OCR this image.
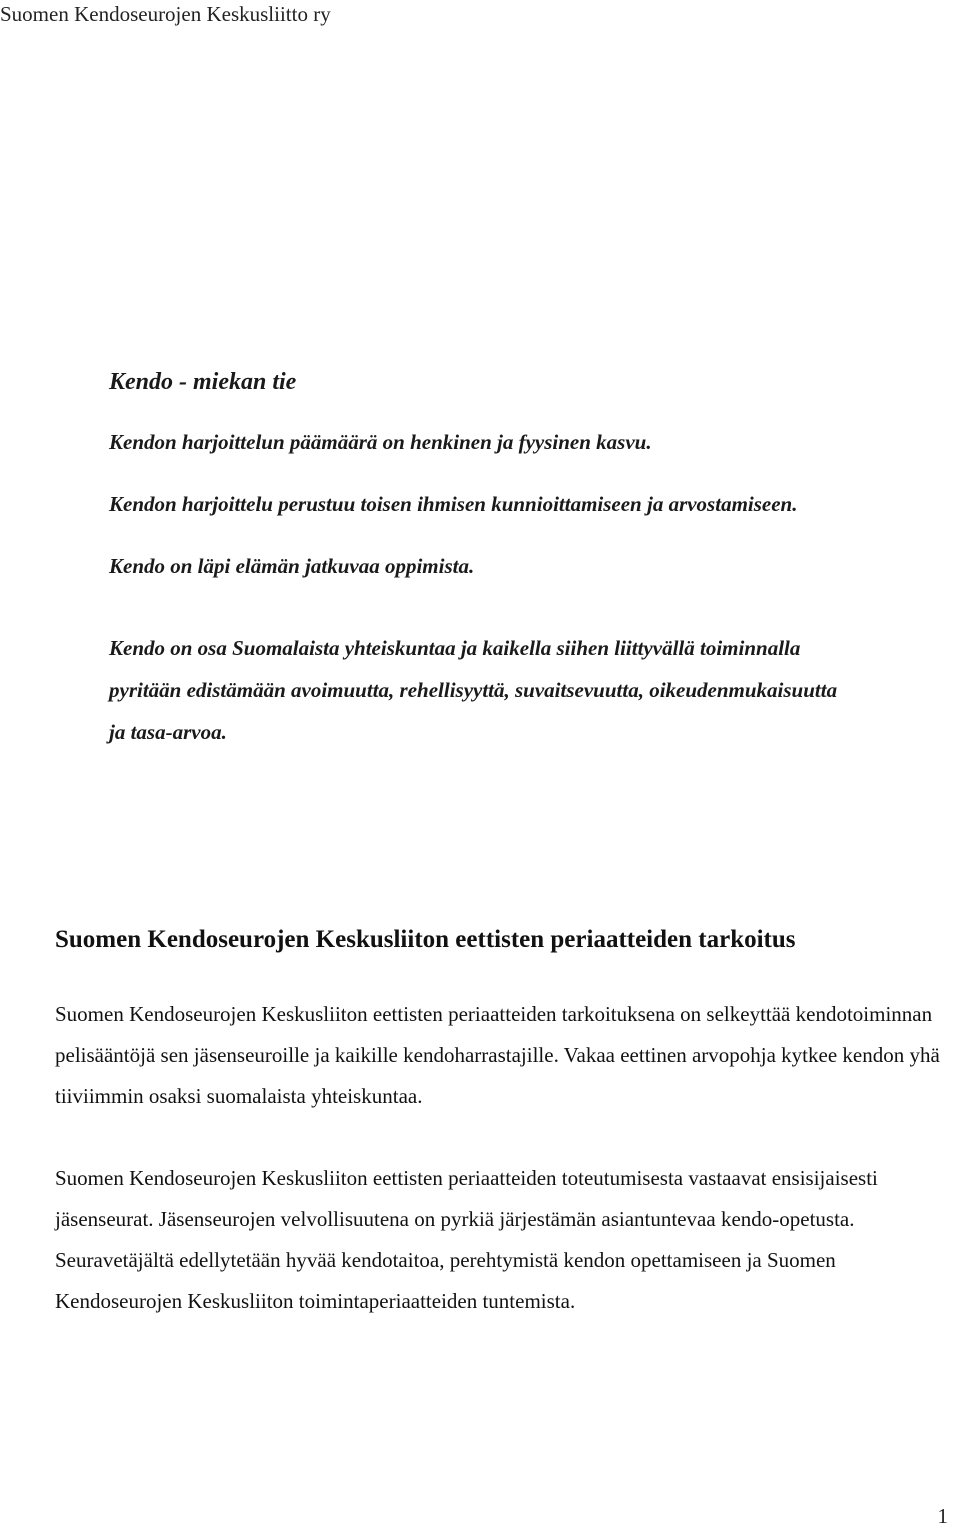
Suomen Kendoseurojen Keskusliitto ry
Kendo - miekan tie
Kendon harjoittelun päämäärä on henkinen ja fyysinen kasvu.
Kendon harjoittelu perustuu toisen ihmisen kunnioittamiseen ja arvostamiseen.
Kendo on läpi elämän jatkuvaa oppimista.
Kendo on osa Suomalaista yhteiskuntaa ja kaikella siihen liittyvällä toiminnalla
pyritään edistämään avoimuutta, rehellisyyttä, suvaitsevuutta, oikeudenmukaisuutta
ja tasa-arvoa.
Suomen Kendoseurojen Keskusliiton eettisten periaatteiden tarkoitus

Suomen Kendoseurojen Keskusliiton eettisten periaatteiden tarkoituksena on selkeyttää kendotoiminnan pelisääntöjä sen jäsenseuroille ja kaikille kendoharrastajille. Vakaa eettinen arvopohja kytkee kendon yhä tiiviimmin osaksi suomalaista yhteiskuntaa.

Suomen Kendoseurojen Keskusliiton eettisten periaatteiden toteutumisesta vastaavat ensisijaisesti jäsenseurat. Jäsenseurojen velvollisuutena on pyrkiä järjestämän asiantuntevaa kendo-opetusta. Seuravetäjältä edellytetään hyvää kendotaitoa, perehtymistä kendon opettamiseen ja Suomen Kendoseurojen Keskusliiton toimintaperiaatteiden tuntemista.

1
